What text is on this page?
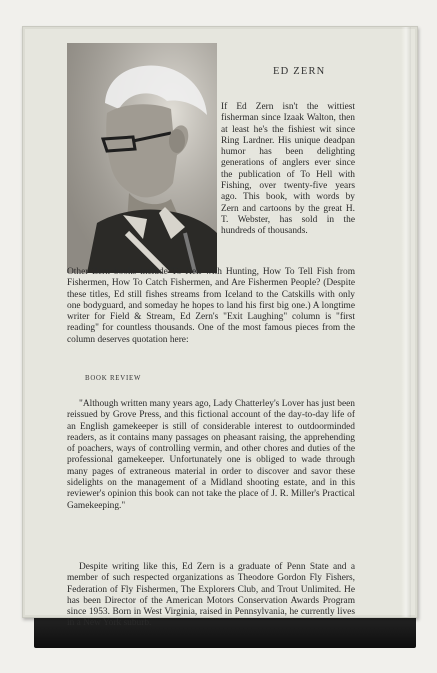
ED ZERN
If Ed Zern isn't the wittiest fisherman since Izaak Walton, then at least he's the fishiest wit since Ring Lardner. His unique deadpan humor has been delighting generations of anglers ever since the publication of To Hell with Fishing, over twenty-five years ago. This book, with words by Zern and cartoons by the great H. T. Webster, has sold in the hundreds of thousands.
Other Zern books include To Hell with Hunting, How To Tell Fish from Fishermen, How To Catch Fishermen, and Are Fishermen People? (Despite these titles, Ed still fishes streams from Iceland to the Catskills with only one bodyguard, and someday he hopes to land his first big one.) A longtime writer for Field & Stream, Ed Zern's "Exit Laughing" column is "first reading" for countless thousands. One of the most famous pieces from the column deserves quotation here:
BOOK REVIEW
"Although written many years ago, Lady Chatterley's Lover has just been reissued by Grove Press, and this fictional account of the day-to-day life of an English gamekeeper is still of considerable interest to outdoorminded readers, as it contains many passages on pheasant raising, the apprehending of poachers, ways of controlling vermin, and other chores and duties of the professional gamekeeper. Unfortunately one is obliged to wade through many pages of extraneous material in order to discover and savor these sidelights on the management of a Midland shooting estate, and in this reviewer's opinion this book can not take the place of J. R. Miller's Practical Gamekeeping."
Despite writing like this, Ed Zern is a graduate of Penn State and a member of such respected organizations as Theodore Gordon Fly Fishers, Federation of Fly Fishermen, The Explorers Club, and Trout Unlimited. He has been Director of the American Motors Conservation Awards Program since 1953. Born in West Virginia, raised in Pennsylvania, he currently lives in a New York suburb.
